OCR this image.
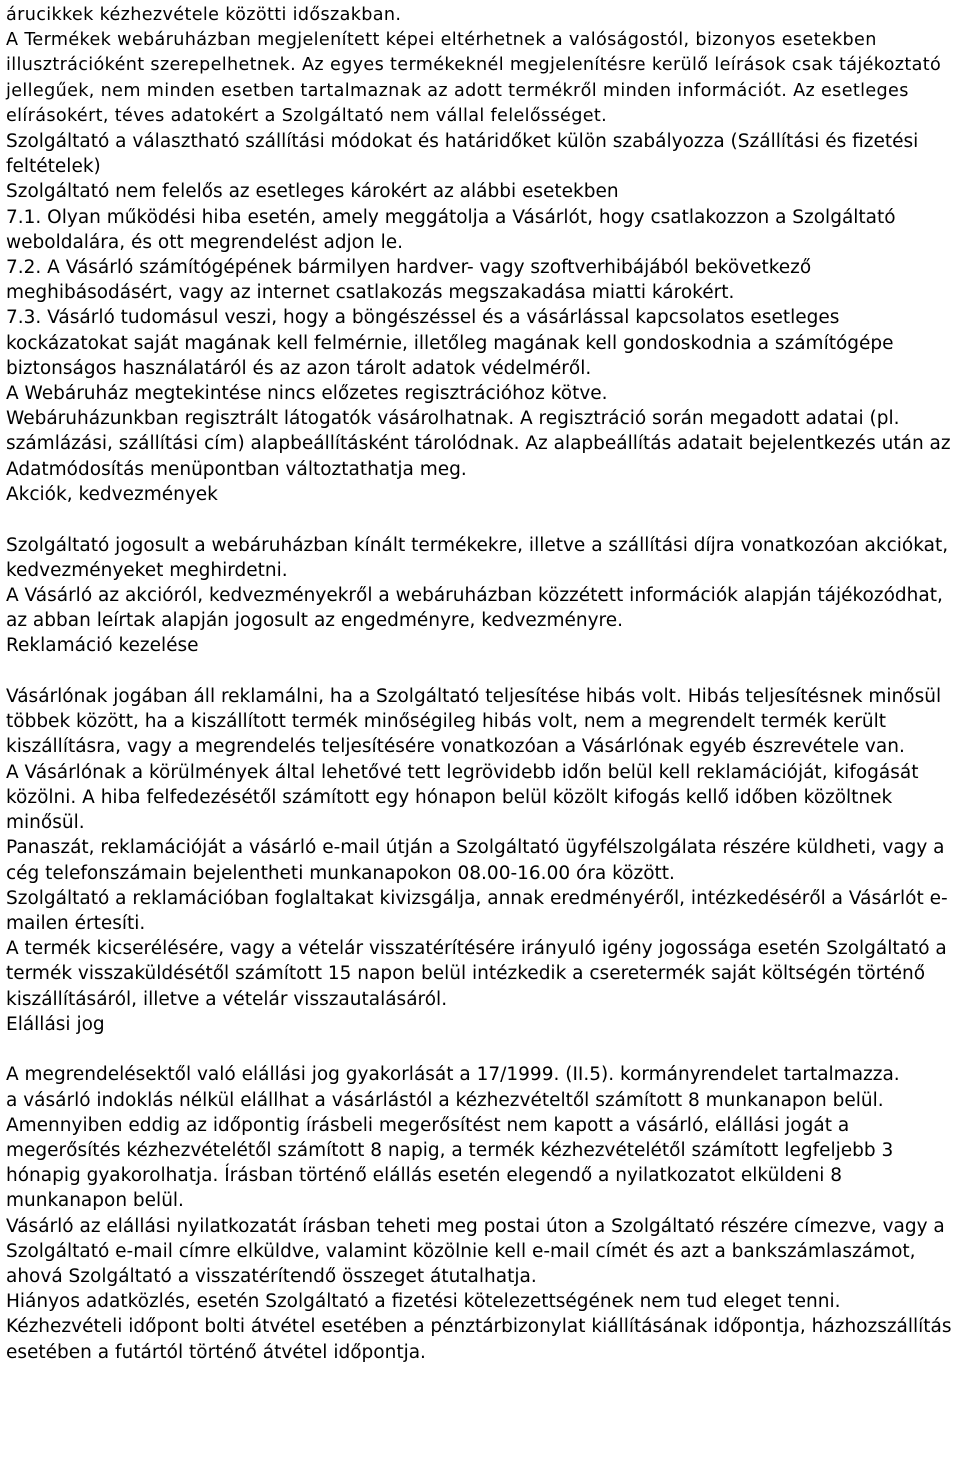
árucikkek kézhezvétele közötti időszakban.

A Termékek webáruházban megjelenített képei eltérhetnek a valóságostól, bizonyos esetekben illusztrációként szerepelhetnek. Az egyes termékeknél megjelenítésre kerülő leírások csak tájékoztató jellegűek, nem minden esetben tartalmaznak az adott termékről minden információt. Az esetleges elírásokért, téves adatokért a Szolgáltató nem vállal felelősséget.

Szolgáltató a választható szállítási módokat és határidőket külön szabályozza (Szállítási és fizetési feltételek)

Szolgáltató nem felelős az esetleges károkért az alábbi esetekben

7.1. Olyan működési hiba esetén, amely meggátolja a Vásárlót, hogy csatlakozzon a Szolgáltató weboldalára, és ott megrendelést adjon le.

7.2. A Vásárló számítógépének bármilyen hardver- vagy szoftverhibájából bekövetkező meghibásodásért, vagy az internet csatlakozás megszakadása miatti károkért.

7.3. Vásárló tudomásul veszi, hogy a böngészéssel és a vásárlással kapcsolatos esetleges kockázatokat saját magának kell felmérnie, illetőleg magának kell gondoskodnia a számítógépe biztonságos használatáról és az azon tárolt adatok védelméről.

A Webáruház megtekintése nincs előzetes regisztrációhoz kötve.

Webáruházunkban regisztrált látogatók vásárolhatnak. A regisztráció során megadott adatai (pl. számlázási, szállítási cím) alapbeállításként tárolódnak. Az alapbeállítás adatait bejelentkezés után az Adatmódosítás menüpontban változtathatja meg.

Akciók, kedvezmények

Szolgáltató jogosult a webáruházban kínált termékekre, illetve a szállítási díjra vonatkozóan akciókat, kedvezményeket meghirdetni.

A Vásárló az akcióról, kedvezményekről a webáruházban közzétett információk alapján tájékozódhat, az abban leírtak alapján jogosult az engedményre, kedvezményre.

Reklamáció kezelése

Vásárlónak jogában áll reklamálni, ha a Szolgáltató teljesítése hibás volt. Hibás teljesítésnek minősül többek között, ha a kiszállított termék minőségileg hibás volt, nem a megrendelt termék került kiszállításra, vagy a megrendelés teljesítésére vonatkozóan a Vásárlónak egyéb észrevétele van.

A Vásárlónak a körülmények által lehetővé tett legrövidebb időn belül kell reklamációját, kifogását közölni. A hiba felfedezésétől számított egy hónapon belül közölt kifogás kellő időben közöltnek minősül.

Panaszát, reklamációját a vásárló e-mail útján a Szolgáltató ügyfélszolgálata részére küldheti, vagy a cég telefonszámain bejelentheti munkanapokon 08.00-16.00 óra között.

Szolgáltató a reklamációban foglaltakat kivizsgálja, annak eredményéről, intézkedéséről a Vásárlót e-mailen értesíti.

A termék kicserélésére, vagy a vételár visszatérítésére irányuló igény jogossága esetén Szolgáltató a termék visszaküldésétől számított 15 napon belül intézkedik a cseretermék saját költségén történő kiszállításáról, illetve a vételár visszautalásáról.

Elállási jog

A megrendelésektől való elállási jog gyakorlását a 17/1999. (II.5). kormányrendelet tartalmazza.

a vásárló indoklás nélkül elállhat a vásárlástól a kézhezvételtől számított 8 munkanapon belül. Amennyiben eddig az időpontig írásbeli megerősítést nem kapott a vásárló, elállási jogát a megerősítés kézhezvételétől számított 8 napig, a termék kézhezvételétől számított legfeljebb 3 hónapig gyakorolhatja. Írásban történő elállás esetén elegendő a nyilatkozatot elküldeni 8 munkanapon belül.

Vásárló az elállási nyilatkozatát írásban teheti meg postai úton a Szolgáltató részére címezve, vagy a Szolgáltató e-mail címre elküldve, valamint közölnie kell e-mail címét és azt a bankszámlaszámot, ahová Szolgáltató a visszatérítendő összeget átutalhatja.

Hiányos adatközlés, esetén Szolgáltató a fizetési kötelezettségének nem tud eleget tenni.

Kézhezvételi időpont bolti átvétel esetében a pénztárbizonylat kiállításának időpontja, házhozszállítás esetében a futártól történő átvétel időpontja.
